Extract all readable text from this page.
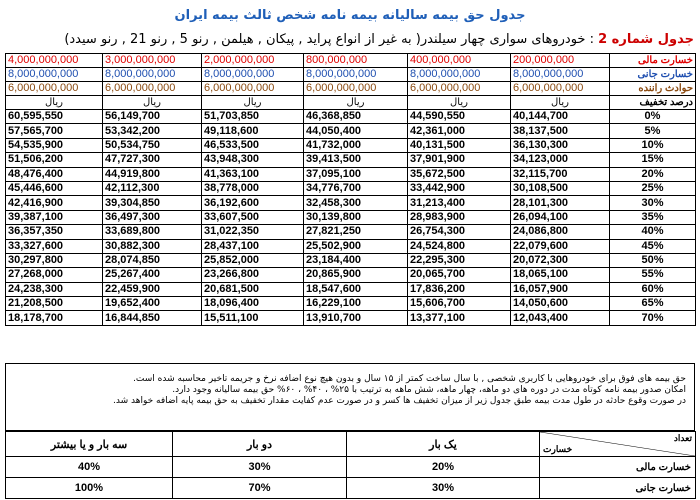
جدول حق بیمه سالیانه بیمه نامه شخص ثالث بیمه ایران
جدول شماره 2 : خودروهای سواری چهار سیلندر( به غیر از انواع پراید , پیکان , هیلمن , رنو 5 , رنو 21 , رنو سیدد)
4,000,000,000	3,000,000,000	2,000,000,000	800,000,000	400,000,000	200,000,000	خسارت مالی
8,000,000,000	8,000,000,000	8,000,000,000	8,000,000,000	8,000,000,000	8,000,000,000	خسارت جانی
6,000,000,000	6,000,000,000	6,000,000,000	6,000,000,000	6,000,000,000	6,000,000,000	حوادث راننده
ریال	ریال	ریال	ریال	ریال	ریال	درصد تخفیف
60,595,550	56,149,700	51,703,850	46,368,850	44,590,550	40,144,700	0%
57,565,700	53,342,200	49,118,600	44,050,400	42,361,000	38,137,500	5%
54,535,900	50,534,750	46,533,500	41,732,000	40,131,500	36,130,300	10%
51,506,200	47,727,300	43,948,300	39,413,500	37,901,900	34,123,000	15%
48,476,400	44,919,800	41,363,100	37,095,100	35,672,500	32,115,700	20%
45,446,600	42,112,300	38,778,000	34,776,700	33,442,900	30,108,500	25%
42,416,900	39,304,850	36,192,600	32,458,300	31,213,400	28,101,300	30%
39,387,100	36,497,300	33,607,500	30,139,800	28,983,900	26,094,100	35%
36,357,350	33,689,800	31,022,350	27,821,250	26,754,300	24,086,800	40%
33,327,600	30,882,300	28,437,100	25,502,900	24,524,800	22,079,600	45%
30,297,800	28,074,850	25,852,000	23,184,400	22,295,300	20,072,300	50%
27,268,000	25,267,400	23,266,800	20,865,900	20,065,700	18,065,100	55%
24,238,300	22,459,900	20,681,500	18,547,600	17,836,200	16,057,900	60%
21,208,500	19,652,400	18,096,400	16,229,100	15,606,700	14,050,600	65%
18,178,700	16,844,850	15,511,100	13,910,700	13,377,100	12,043,400	70%
حق بیمه های فوق برای خودروهایی با کاربری شخصی , با سال ساخت کمتر از ۱۵ سال و بدون هیچ نوع اضافه نرخ و جریمه تاخیر محاسبه شده است.
امکان صدور بیمه نامه کوتاه مدت در دوره های دو ماهه، چهار ماهه، شش ماهه به ترتیب با ۲۵% ، ۴۰% ، ۶۰% حق بیمه سالیانه وجود دارد.
در صورت وقوع حادثه در طول مدت بیمه طبق جدول زیر از میزان تخفیف ها کسر و در صورت عدم کفایت مقدار تخفیف به حق بیمه پایه اضافه خواهد شد.
سه بار و یا بیشتر	دو بار	یک بار	تعداد
خسارت

40%	30%	20%	خسارت مالی
100%	70%	30%	خسارت جانی
